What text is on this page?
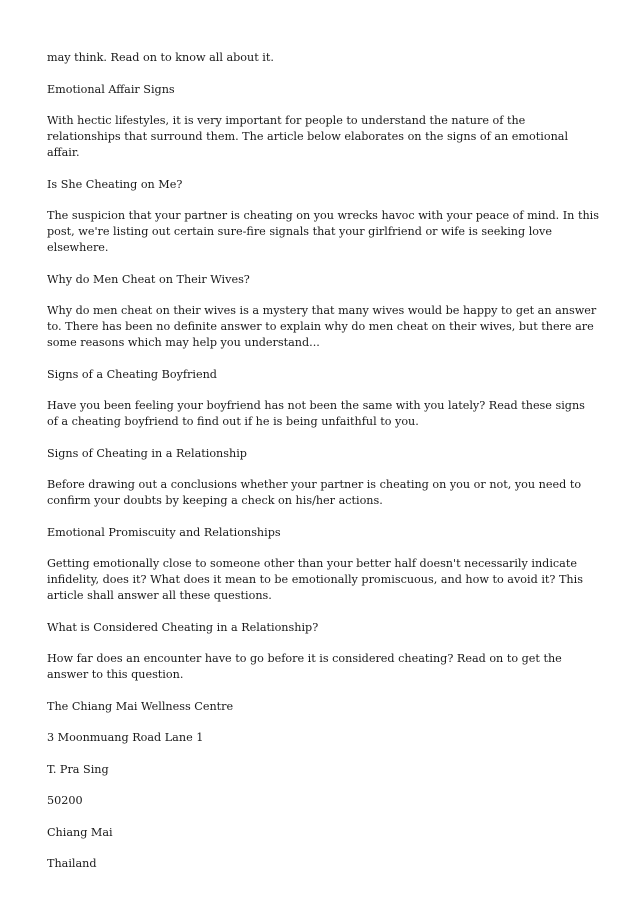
may think. Read on to know all about it.

Emotional Affair Signs

With hectic lifestyles, it is very important for people to understand the nature of the relationships that surround them. The article below elaborates on the signs of an emotional affair.

Is She Cheating on Me?

The suspicion that your partner is cheating on you wrecks havoc with your peace of mind. In this post, we're listing out certain sure-fire signals that your girlfriend or wife is seeking love elsewhere.

Why do Men Cheat on Their Wives?

Why do men cheat on their wives is a mystery that many wives would be happy to get an answer to. There has been no definite answer to explain why do men cheat on their wives, but there are some reasons which may help you understand...

Signs of a Cheating Boyfriend

Have you been feeling your boyfriend has not been the same with you lately? Read these signs of a cheating boyfriend to find out if he is being unfaithful to you.

Signs of Cheating in a Relationship

Before drawing out a conclusions whether your partner is cheating on you or not, you need to confirm your doubts by keeping a check on his/her actions.

Emotional Promiscuity and Relationships

Getting emotionally close to someone other than your better half doesn't necessarily indicate infidelity, does it? What does it mean to be emotionally promiscuous, and how to avoid it? This article shall answer all these questions.

What is Considered Cheating in a Relationship?

How far does an encounter have to go before it is considered cheating? Read on to get the answer to this question.

The Chiang Mai Wellness Centre

3 Moonmuang Road Lane 1

T. Pra Sing

50200

Chiang Mai

Thailand
